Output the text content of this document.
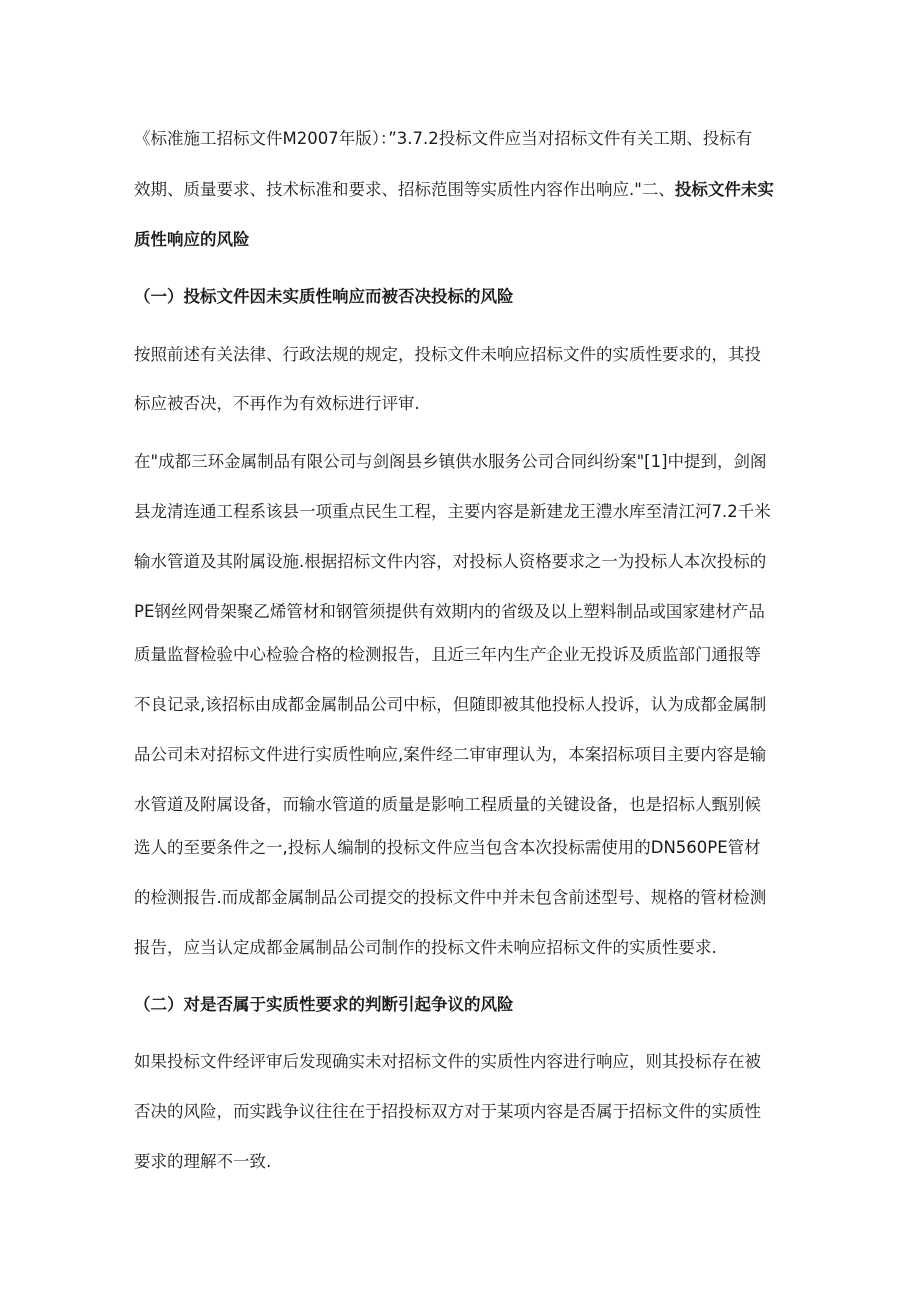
《标准施工招标文件M2007年版）：”3.7.2投标文件应当对招标文件有关工期、投标有
效期、质量要求、技术标准和要求、招标范围等实质性内容作出响应."二、投标文件未实
质性响应的风险
（一）投标文件因未实质性响应而被否决投标的风险
按照前述有关法律、行政法规的规定，投标文件未响应招标文件的实质性要求的，其投
标应被否决，不再作为有效标进行评审.
在"成都三环金属制品有限公司与剑阁县乡镇供水服务公司合同纠纷案"[1]中提到，剑阁
县龙清连通工程系该县一项重点民生工程，主要内容是新建龙王澧水库至清江河7.2千米
输水管道及其附属设施.根据招标文件内容，对投标人资格要求之一为投标人本次投标的
PE钢丝网骨架聚乙烯管材和钢管须提供有效期内的省级及以上塑料制品或国家建材产品
质量监督检验中心检验合格的检测报告，且近三年内生产企业无投诉及质监部门通报等
不良记录,该招标由成都金属制品公司中标，但随即被其他投标人投诉，认为成都金属制
品公司未对招标文件进行实质性响应,案件经二审审理认为，本案招标项目主要内容是输
水管道及附属设备，而输水管道的质量是影响工程质量的关键设备，也是招标人甄别候
选人的至要条件之一,投标人编制的投标文件应当包含本次投标需使用的DN560PE管材
的检测报告.而成都金属制品公司提交的投标文件中并未包含前述型号、规格的管材检测
报告，应当认定成都金属制品公司制作的投标文件未响应招标文件的实质性要求.
（二）对是否属于实质性要求的判断引起争议的风险
如果投标文件经评审后发现确实未对招标文件的实质性内容进行响应，则其投标存在被
否决的风险，而实践争议往往在于招投标双方对于某项内容是否属于招标文件的实质性
要求的理解不一致.
